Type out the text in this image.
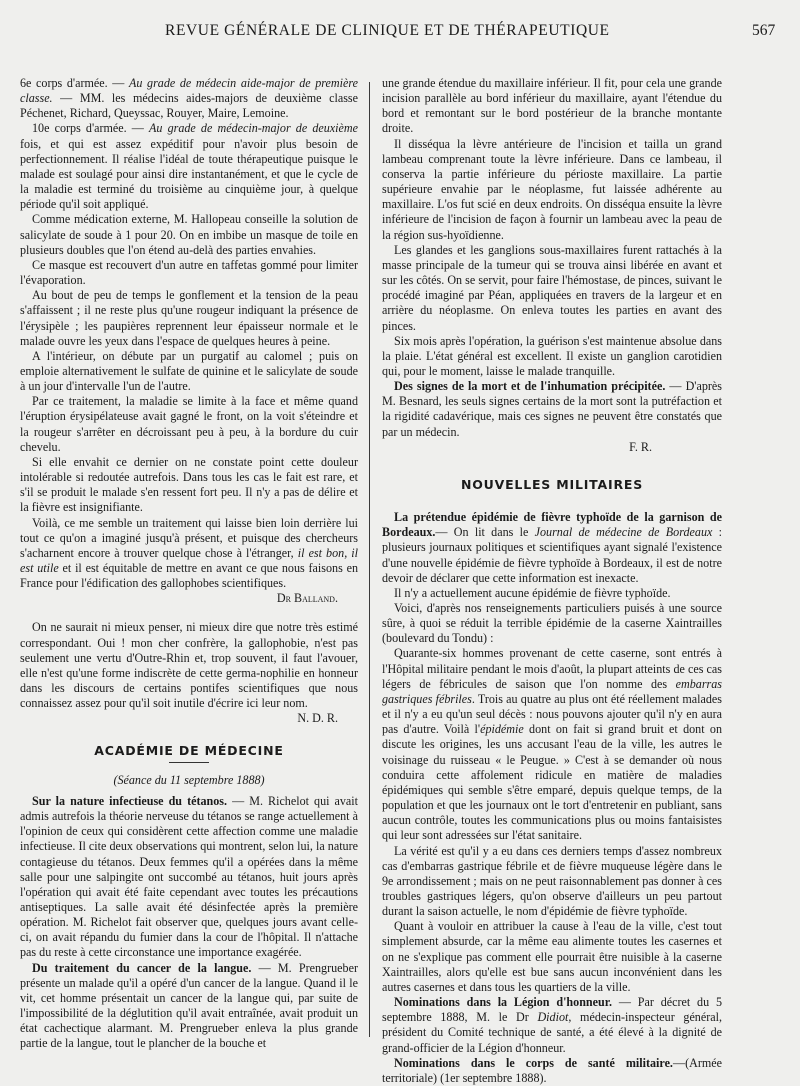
REVUE GÉNÉRALE DE CLINIQUE ET DE THÉRAPEUTIQUE	567

6e corps d'armée. — Au grade de médecin aide-major de première classe. — MM. les médecins aides-majors de deuxième classe Péchenet, Richard, Queyssac, Rouyer, Maire, Lemoine.

10e corps d'armée. — Au grade de médecin-major de deuxième fois, et qui est assez expéditif pour n'avoir plus besoin de perfectionnement. Il réalise l'idéal de toute thérapeutique puisque le malade est soulagé pour ainsi dire instantanément, et que le cycle de la maladie est terminé du troisième au cinquième jour, à quelque période qu'il soit appliqué.

Comme médication externe, M. Hallopeau conseille la solution de salicylate de soude à 1 pour 20. On en imbibe un masque de toile en plusieurs doubles que l'on étend au-delà des parties envahies.

Ce masque est recouvert d'un autre en taffetas gommé pour limiter l'évaporation.

Au bout de peu de temps le gonflement et la tension de la peau s'affaissent ; il ne reste plus qu'une rougeur indiquant la présence de l'érysipèle ; les paupières reprennent leur épaisseur normale et le malade ouvre les yeux dans l'espace de quelques heures à peine.

A l'intérieur, on débute par un purgatif au calomel ; puis on emploie alternativement le sulfate de quinine et le salicylate de soude à un jour d'intervalle l'un de l'autre.

Par ce traitement, la maladie se limite à la face et même quand l'éruption érysipélateuse avait gagné le front, on la voit s'éteindre et la rougeur s'arrêter en décroissant peu à peu, à la bordure du cuir chevelu.

Si elle envahit ce dernier on ne constate point cette douleur intolérable si redoutée autrefois. Dans tous les cas le fait est rare, et s'il se produit le malade s'en ressent fort peu. Il n'y a pas de délire et la fièvre est insignifiante.

Voilà, ce me semble un traitement qui laisse bien loin derrière lui tout ce qu'on a imaginé jusqu'à présent, et puisque des chercheurs s'acharnent encore à trouver quelque chose à l'étranger, il est bon, il est utile et il est équitable de mettre en avant ce que nous faisons en France pour l'édification des gallophobes scientifiques.

Dr Balland.

On ne saurait ni mieux penser, ni mieux dire que notre très estimé correspondant. Oui ! mon cher confrère, la gallophobie, n'est pas seulement une vertu d'Outre-Rhin et, trop souvent, il faut l'avouer, elle n'est qu'une forme indiscrète de cette germa-nophilie en honneur dans les discours de certains pontifes scientifiques que nous connaissez assez pour qu'il soit inutile d'écrire ici leur nom.

N. D. R.

ACADÉMIE DE MÉDECINE

(Séance du 11 septembre 1888)

Sur la nature infectieuse du tétanos. — M. Richelot qui avait admis autrefois la théorie nerveuse du tétanos se range actuellement à l'opinion de ceux qui considèrent cette affection comme une maladie infectieuse. Il cite deux observations qui montrent, selon lui, la nature contagieuse du tétanos. Deux femmes qu'il a opérées dans la même salle pour une salpingite ont succombé au tétanos, huit jours après l'opération qui avait été faite cependant avec toutes les précautions antiseptiques. La salle avait été désinfectée après la première opération. M. Richelot fait observer que, quelques jours avant celle-ci, on avait répandu du fumier dans la cour de l'hôpital. Il n'attache pas du reste à cette circonstance une importance exagérée.

Du traitement du cancer de la langue. — M. Prengrueber présente un malade qu'il a opéré d'un cancer de la langue. Quand il le vit, cet homme présentait un cancer de la langue qui, par suite de l'impossibilité de la déglutition qu'il avait entraînée, avait produit un état cachectique alarmant. M. Prengrueber enleva la plus grande partie de la langue, tout le plancher de la bouche et

une grande étendue du maxillaire inférieur. Il fit, pour cela une grande incision parallèle au bord inférieur du maxillaire, ayant l'étendue du bord et remontant sur le bord postérieur de la branche montante droite.

Il disséqua la lèvre antérieure de l'incision et tailla un grand lambeau comprenant toute la lèvre inférieure. Dans ce lambeau, il conserva la partie inférieure du périoste maxillaire. La partie supérieure envahie par le néoplasme, fut laissée adhérente au maxillaire. L'os fut scié en deux endroits. On disséqua ensuite la lèvre inférieure de l'incision de façon à fournir un lambeau avec la peau de la région sus-hyoïdienne.

Les glandes et les ganglions sous-maxillaires furent rattachés à la masse principale de la tumeur qui se trouva ainsi libérée en avant et sur les côtés. On se servit, pour faire l'hémostase, de pinces, suivant le procédé imaginé par Péan, appliquées en travers de la largeur et en arrière du néoplasme. On enleva toutes les parties en avant des pinces.

Six mois après l'opération, la guérison s'est maintenue absolue dans la plaie. L'état général est excellent. Il existe un ganglion carotidien qui, pour le moment, laisse le malade tranquille.

Des signes de la mort et de l'inhumation précipitée. — D'après M. Besnard, les seuls signes certains de la mort sont la putréfaction et la rigidité cadavérique, mais ces signes ne peuvent être constatés que par un médecin.

F. R.

NOUVELLES MILITAIRES

La prétendue épidémie de fièvre typhoïde de la garnison de Bordeaux.— On lit dans le Journal de médecine de Bordeaux : plusieurs journaux politiques et scientifiques ayant signalé l'existence d'une nouvelle épidémie de fièvre typhoïde à Bordeaux, il est de notre devoir de déclarer que cette information est inexacte.

Il n'y a actuellement aucune épidémie de fièvre typhoïde.

Voici, d'après nos renseignements particuliers puisés à une source sûre, à quoi se réduit la terrible épidémie de la caserne Xaintrailles (boulevard du Tondu) :

Quarante-six hommes provenant de cette caserne, sont entrés à l'Hôpital militaire pendant le mois d'août, la plupart atteints de ces cas légers de fébricules de saison que l'on nomme des embarras gastriques fébriles. Trois au quatre au plus ont été réellement malades et il n'y a eu qu'un seul décès : nous pouvons ajouter qu'il n'y en aura pas d'autre. Voilà l'épidémie dont on fait si grand bruit et dont on discute les origines, les uns accusant l'eau de la ville, les autres le voisinage du ruisseau « le Peugue. » C'est à se demander où nous conduira cette affolement ridicule en matière de maladies épidémiques qui semble s'être emparé, depuis quelque temps, de la population et que les journaux ont le tort d'entretenir en publiant, sans aucun contrôle, toutes les communications plus ou moins fantaisistes qui leur sont adressées sur l'état sanitaire.

La vérité est qu'il y a eu dans ces derniers temps d'assez nombreux cas d'embarras gastrique fébrile et de fièvre muqueuse légère dans le 9e arrondissement ; mais on ne peut raisonnablement pas donner à ces troubles gastriques légers, qu'on observe d'ailleurs un peu partout durant la saison actuelle, le nom d'épidémie de fièvre typhoïde.

Quant à vouloir en attribuer la cause à l'eau de la ville, c'est tout simplement absurde, car la même eau alimente toutes les casernes et on ne s'explique pas comment elle pourrait être nuisible à la caserne Xaintrailles, alors qu'elle est bue sans aucun inconvénient dans les autres casernes et dans tous les quartiers de la ville.

Nominations dans la Légion d'honneur. — Par décret du 5 septembre 1888, M. le Dr Didiot, médecin-inspecteur général, président du Comité technique de santé, a été élevé à la dignité de grand-officier de la Légion d'honneur.

Nominations dans le corps de santé militaire.—(Armée territoriale) (1er septembre 1888).
